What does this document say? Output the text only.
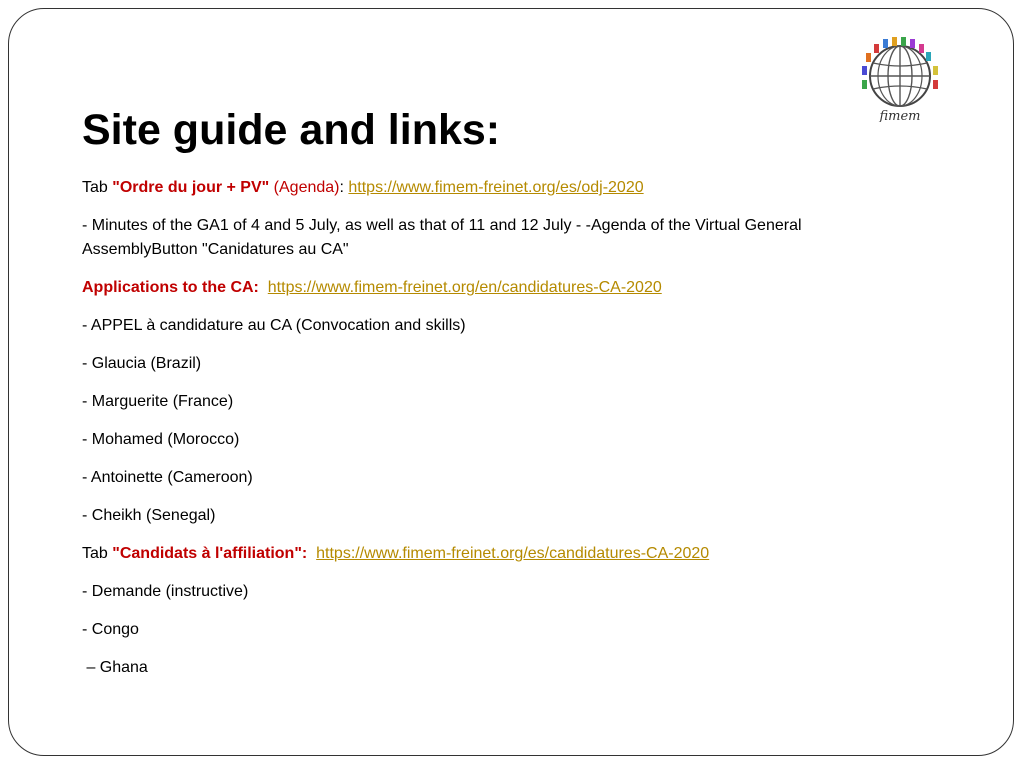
fimem
Site guide and links:

Tab "Ordre du jour + PV" (Agenda): https://www.fimem-freinet.org/es/odj-2020

- Minutes of the GA1 of 4 and 5 July, as well as that of 11 and 12 July - -Agenda of the Virtual General AssemblyButton "Canidatures au CA"

Applications to the CA: https://www.fimem-freinet.org/en/candidatures-CA-2020

- APPEL à candidature au CA (Convocation and skills)

- Glaucia (Brazil)

- Marguerite (France)

- Mohamed (Morocco)

- Antoinette (Cameroon)

- Cheikh (Senegal)

Tab "Candidats à l'affiliation": https://www.fimem-freinet.org/es/candidatures-CA-2020

- Demande (instructive)

- Congo

– Ghana
